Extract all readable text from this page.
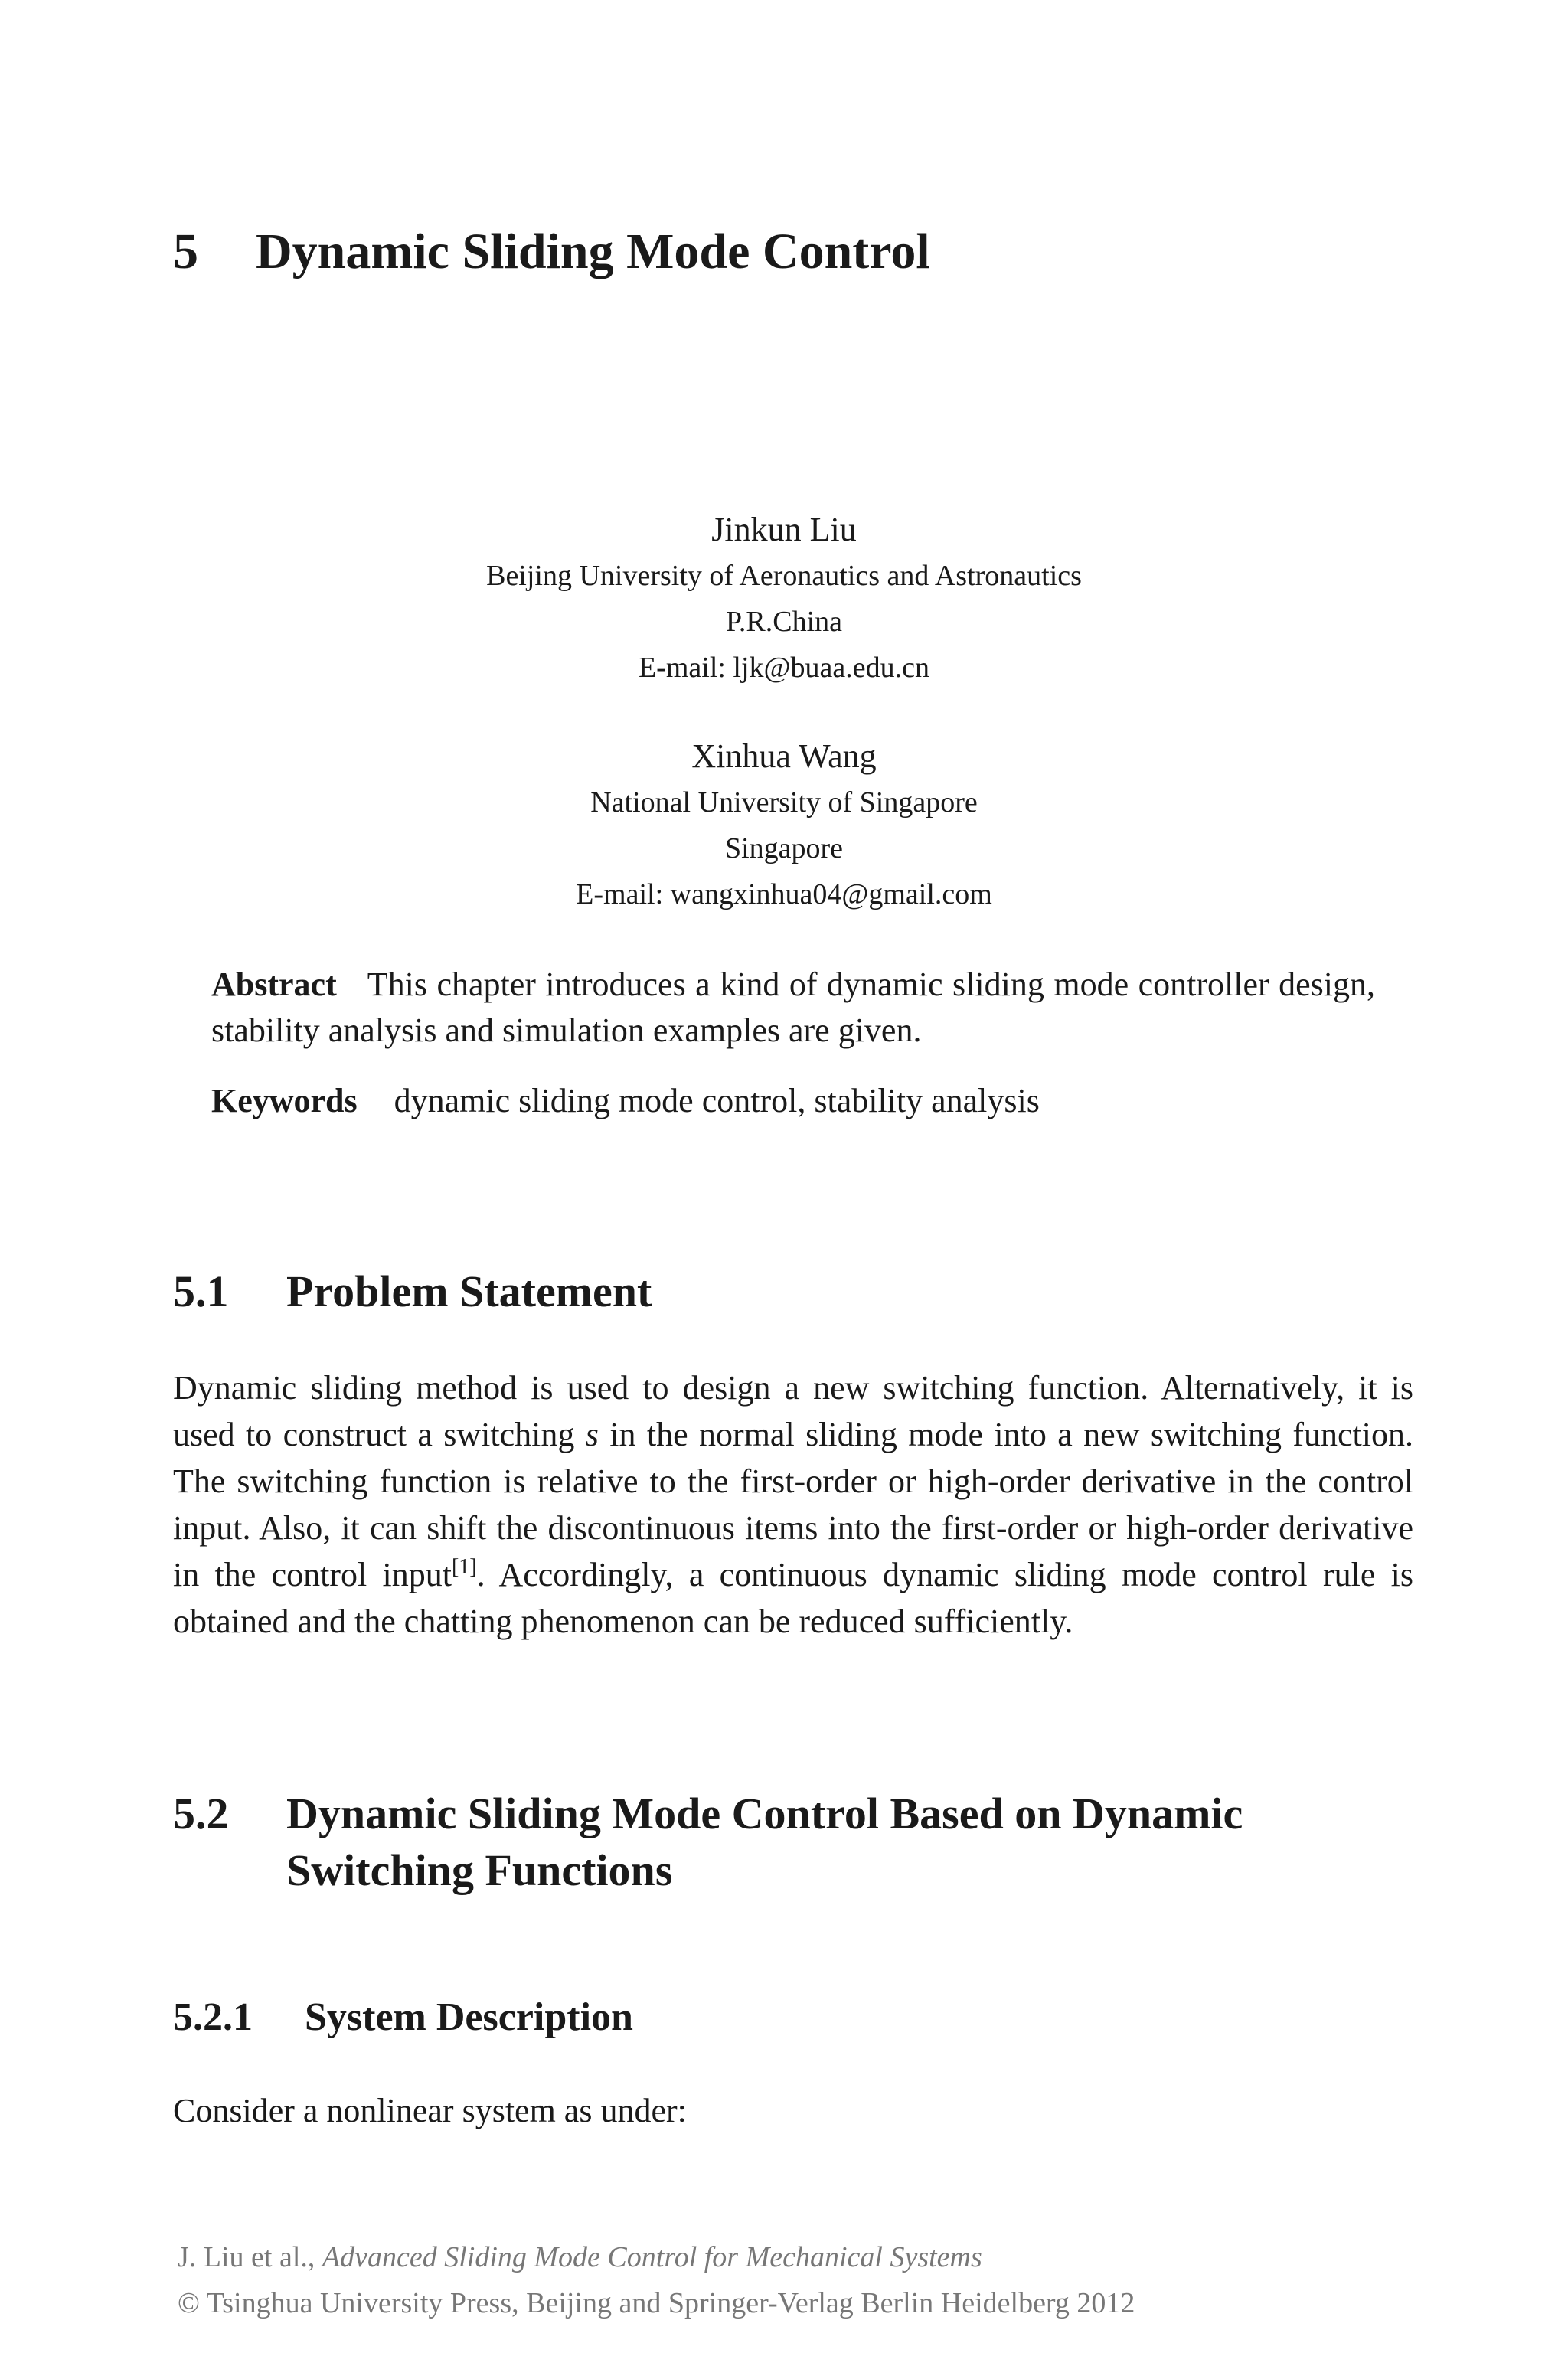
5 Dynamic Sliding Mode Control
Jinkun Liu
Beijing University of Aeronautics and Astronautics
P.R.China
E-mail: ljk@buaa.edu.cn
Xinhua Wang
National University of Singapore
Singapore
E-mail: wangxinhua04@gmail.com
Abstract This chapter introduces a kind of dynamic sliding mode controller design, stability analysis and simulation examples are given.
Keywords dynamic sliding mode control, stability analysis
5.1 Problem Statement
Dynamic sliding method is used to design a new switching function. Alternatively, it is used to construct a switching s in the normal sliding mode into a new switching function. The switching function is relative to the first-order or high-order derivative in the control input. Also, it can shift the discontinuous items into the first-order or high-order derivative in the control input[1]. Accordingly, a continuous dynamic sliding mode control rule is obtained and the chatting phenomenon can be reduced sufficiently.
5.2 Dynamic Sliding Mode Control Based on Dynamic Switching Functions
5.2.1 System Description
Consider a nonlinear system as under:
J. Liu et al., Advanced Sliding Mode Control for Mechanical Systems
© Tsinghua University Press, Beijing and Springer-Verlag Berlin Heidelberg 2012
